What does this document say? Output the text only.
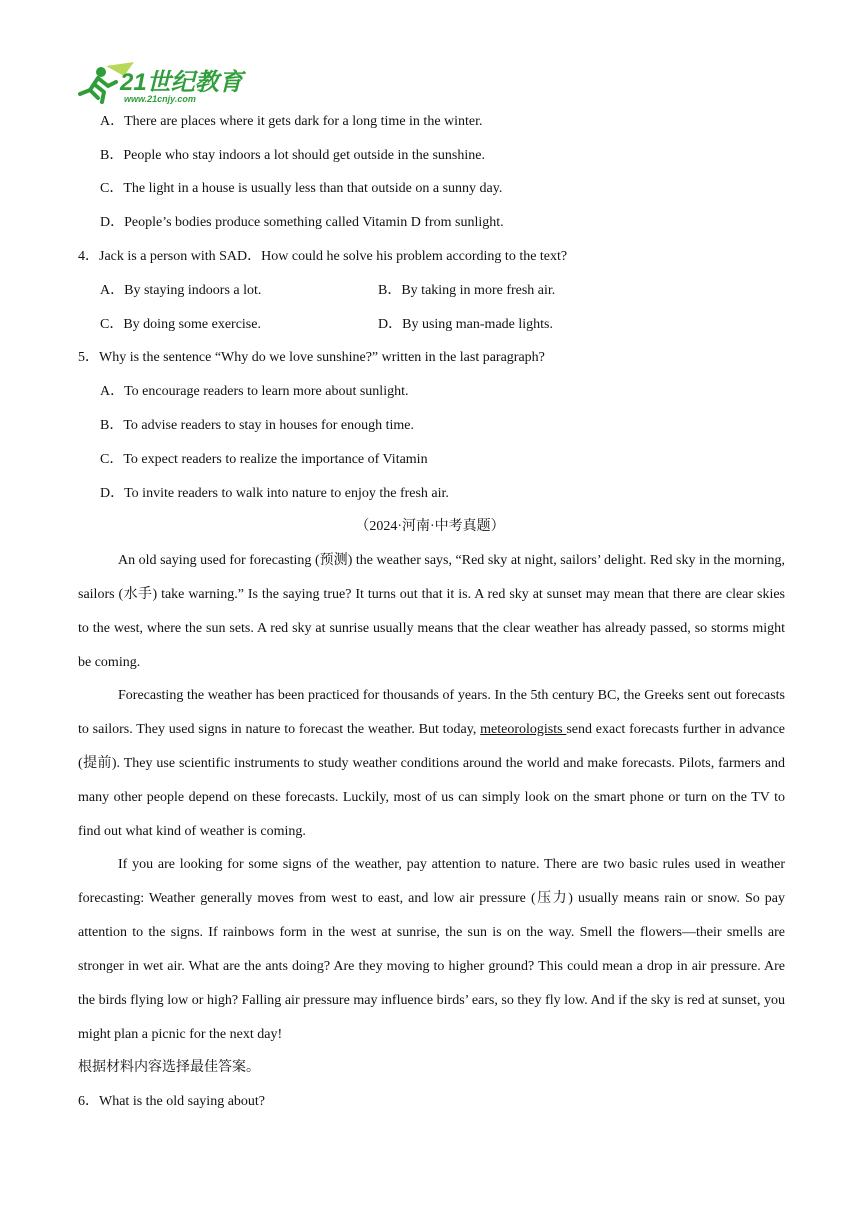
21世纪教育
www.21cnjy.com
A．There are places where it gets dark for a long time in the winter.
B．People who stay indoors a lot should get outside in the sunshine.
C．The light in a house is usually less than that outside on a sunny day.
D．People’s bodies produce something called Vitamin D from sunlight.
4．Jack is a person with SAD．How could he solve his problem according to the text?
A．By staying indoors a lot.	B．By taking in more fresh air.
C．By doing some exercise.	D．By using man-made lights.
5．Why is the sentence “Why do we love sunshine?” written in the last paragraph?
A．To encourage readers to learn more about sunlight.
B．To advise readers to stay in houses for enough time.
C．To expect readers to realize the importance of Vitamin
D．To invite readers to walk into nature to enjoy the fresh air.
（2024·河南·中考真题）
An old saying used for forecasting (预测) the weather says, “Red sky at night, sailors’ delight. Red sky in the morning, sailors (水手) take warning.” Is the saying true? It turns out that it is. A red sky at sunset may mean that there are clear skies to the west, where the sun sets. A red sky at sunrise usually means that the clear weather has already passed, so storms might be coming.
Forecasting the weather has been practiced for thousands of years. In the 5th century BC, the Greeks sent out forecasts to sailors. They used signs in nature to forecast the weather. But today, meteorologists send exact forecasts further in advance (提前). They use scientific instruments to study weather conditions around the world and make forecasts. Pilots, farmers and many other people depend on these forecasts. Luckily, most of us can simply look on the smart phone or turn on the TV to find out what kind of weather is coming.
If you are looking for some signs of the weather, pay attention to nature. There are two basic rules used in weather forecasting: Weather generally moves from west to east, and low air pressure (压力) usually means rain or snow. So pay attention to the signs. If rainbows form in the west at sunrise, the sun is on the way. Smell the flowers—their smells are stronger in wet air. What are the ants doing? Are they moving to higher ground? This could mean a drop in air pressure. Are the birds flying low or high? Falling air pressure may influence birds’ ears, so they fly low. And if the sky is red at sunset, you might plan a picnic for the next day!
根据材料内容选择最佳答案。
6．What is the old saying about?
